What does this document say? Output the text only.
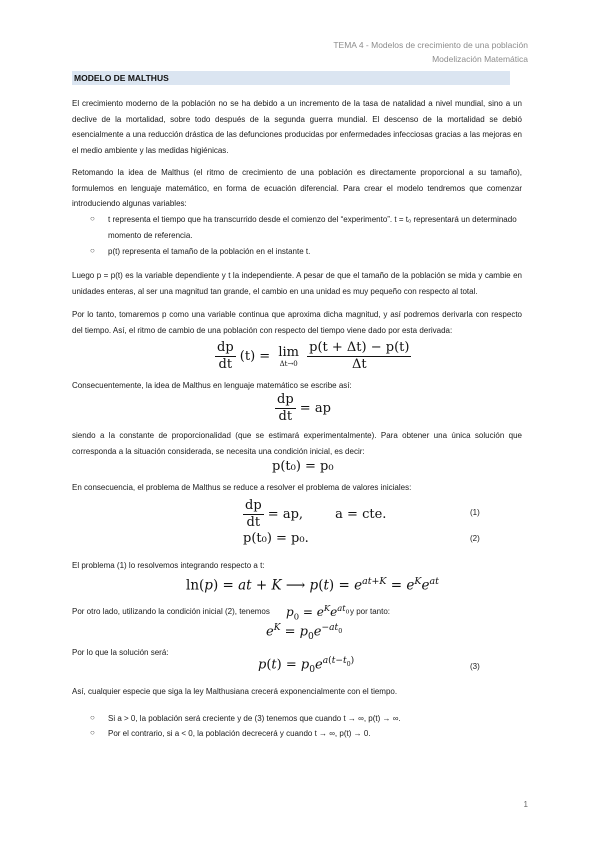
TEMA 4 - Modelos de crecimiento de una población
Modelización Matemática
MODELO DE MALTHUS
El crecimiento moderno de la población no se ha debido a un incremento de la tasa de natalidad a nivel mundial, sino a un declive de la mortalidad, sobre todo después de la segunda guerra mundial. El descenso de la mortalidad se debió esencialmente a una reducción drástica de las defunciones producidas por enfermedades infecciosas gracias a las mejoras en el medio ambiente y las medidas higiénicas.
Retomando la idea de Malthus (el ritmo de crecimiento de una población es directamente proporcional a su tamaño), formulemos en lenguaje matemático, en forma de ecuación diferencial. Para crear el modelo tendremos que comenzar introduciendo algunas variables:
○ t representa el tiempo que ha transcurrido desde el comienzo del “experimento”. t = t₀ representará un determinado momento de referencia.
○ p(t) representa el tamaño de la población en el instante t.
Luego p = p(t) es la variable dependiente y t la independiente. A pesar de que el tamaño de la población se mida y cambie en unidades enteras, al ser una magnitud tan grande, el cambio en una unidad es muy pequeño con respecto al total.
Por lo tanto, tomaremos p como una variable continua que aproxima dicha magnitud, y así podremos derivarla con respecto del tiempo. Así, el ritmo de cambio de una población con respecto del tiempo viene dado por esta derivada:
$\frac{dp}{dt} (t) = \lim$
Δt→0
$\frac{p(t + \Delta t) - p(t)}{\Delta t}$
Consecuentemente, la idea de Malthus en lenguaje matemático se escribe así:
$\frac{dp}{dt}$ = ap
siendo a la constante de proporcionalidad (que se estimará experimentalmente). Para obtener una única solución que corresponda a la situación considerada, se necesita una condición inicial, es decir:
p(t₀) = p₀
En consecuencia, el problema de Malthus se reduce a resolver el problema de valores iniciales:
$\frac{dp}{dt}$ = ap, a = cte.	(1)
p(t₀) = p₀.	(2)
El problema (1) lo resolvemos integrando respecto a t:
ln(p) = at + K ⟶ $p(t) = e^{at+K} = e^Ke^{at}$
Por otro lado, utilizando la condición inicial (2), tenemos $p_0 = e^Ke^{at_0}$ y por tanto:
$e^K = p_0e^{-at_0}$
Por lo que la solución será:
$p(t) = p_0e^{a(t-t_0)}$
(3)
Así, cualquier especie que siga la ley Malthusiana crecerá exponencialmente con el tiempo.
○ Si a > 0, la población será creciente y de (3) tenemos que cuando t → ∞, p(t) → ∞.
○ Por el contrario, si a < 0, la población decrecerá y cuando t → ∞, p(t) → 0.
1
